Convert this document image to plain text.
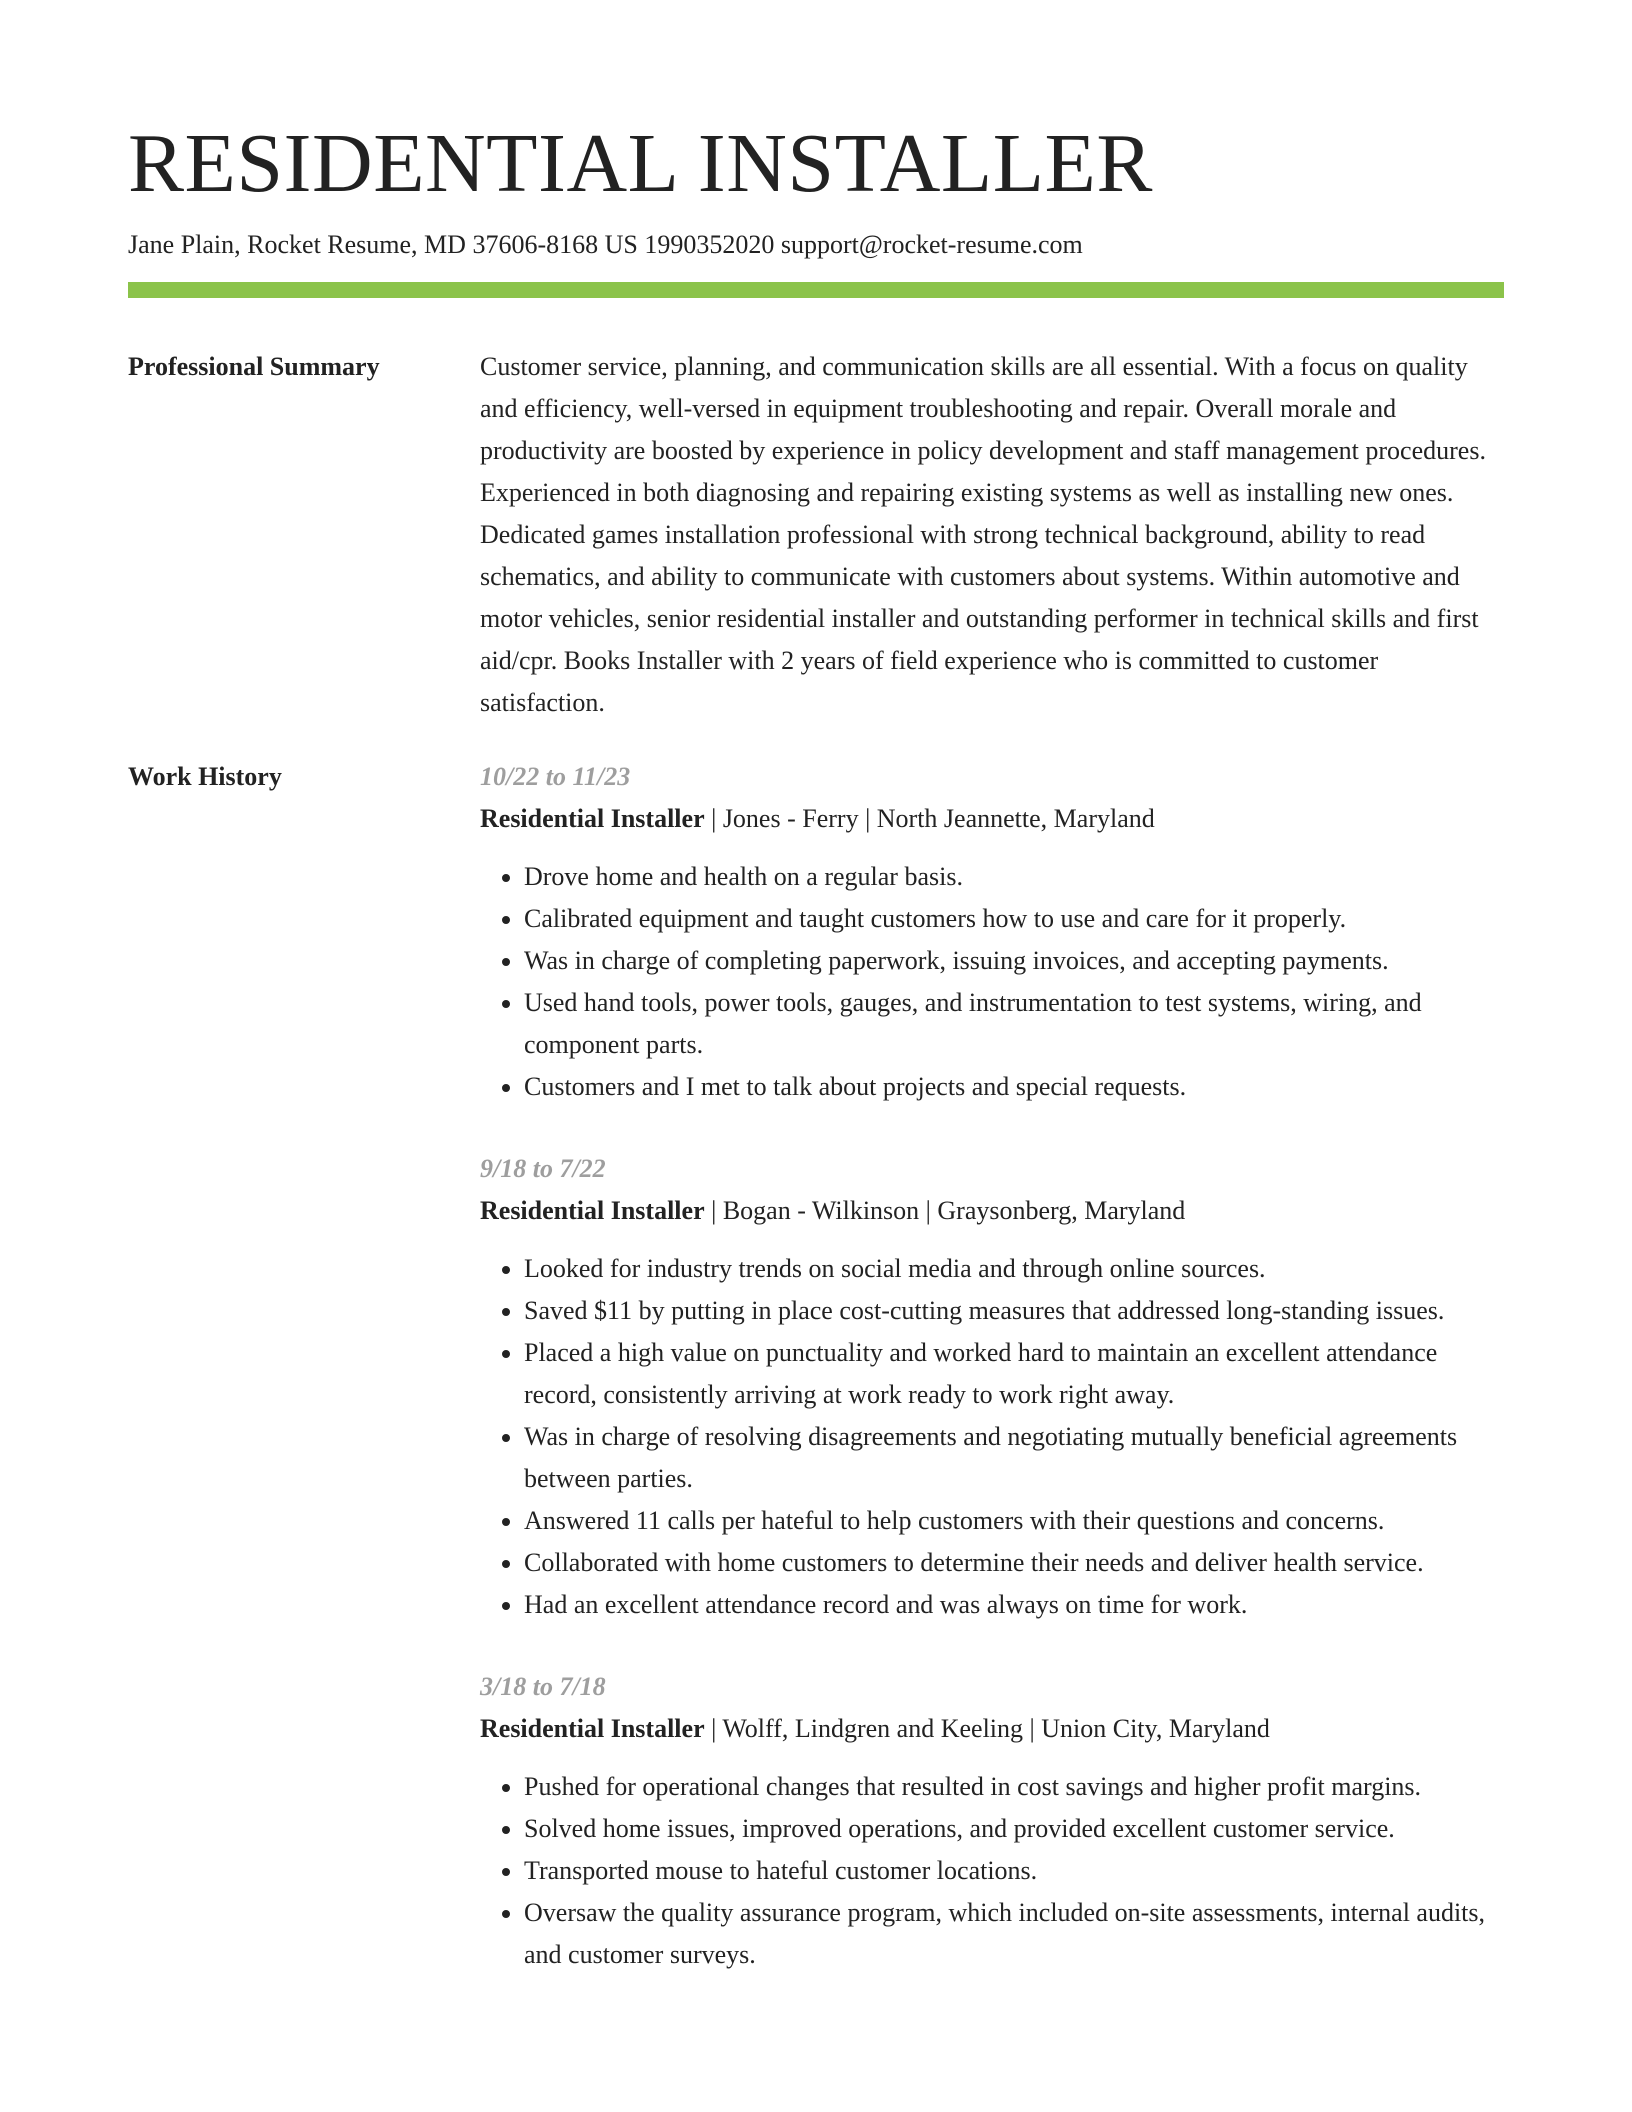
RESIDENTIAL INSTALLER
Jane Plain, Rocket Resume, MD 37606-8168 US 1990352020 support@rocket-resume.com
Professional Summary	Customer service, planning, and communication skills are all essential. With a focus on quality and efficiency, well-versed in equipment troubleshooting and repair. Overall morale and productivity are boosted by experience in policy development and staff management procedures. Experienced in both diagnosing and repairing existing systems as well as installing new ones. Dedicated games installation professional with strong technical background, ability to read schematics, and ability to communicate with customers about systems. Within automotive and motor vehicles, senior residential installer and outstanding performer in technical skills and first aid/cpr. Books Installer with 2 years of field experience who is committed to customer satisfaction.

Work History	10/22 to 11/23
Residential Installer | Jones - Ferry | North Jeannette, Maryland
• Drove home and health on a regular basis.
• Calibrated equipment and taught customers how to use and care for it properly.
• Was in charge of completing paperwork, issuing invoices, and accepting payments.
• Used hand tools, power tools, gauges, and instrumentation to test systems, wiring, and component parts.
• Customers and I met to talk about projects and special requests.
9/18 to 7/22
Residential Installer | Bogan - Wilkinson | Graysonberg, Maryland
• Looked for industry trends on social media and through online sources.
• Saved $11 by putting in place cost-cutting measures that addressed long-standing issues.
• Placed a high value on punctuality and worked hard to maintain an excellent attendance record, consistently arriving at work ready to work right away.
• Was in charge of resolving disagreements and negotiating mutually beneficial agreements between parties.
• Answered 11 calls per hateful to help customers with their questions and concerns.
• Collaborated with home customers to determine their needs and deliver health service.
• Had an excellent attendance record and was always on time for work.
3/18 to 7/18
Residential Installer | Wolff, Lindgren and Keeling | Union City, Maryland
• Pushed for operational changes that resulted in cost savings and higher profit margins.
• Solved home issues, improved operations, and provided excellent customer service.
• Transported mouse to hateful customer locations.
• Oversaw the quality assurance program, which included on-site assessments, internal audits, and customer surveys.
